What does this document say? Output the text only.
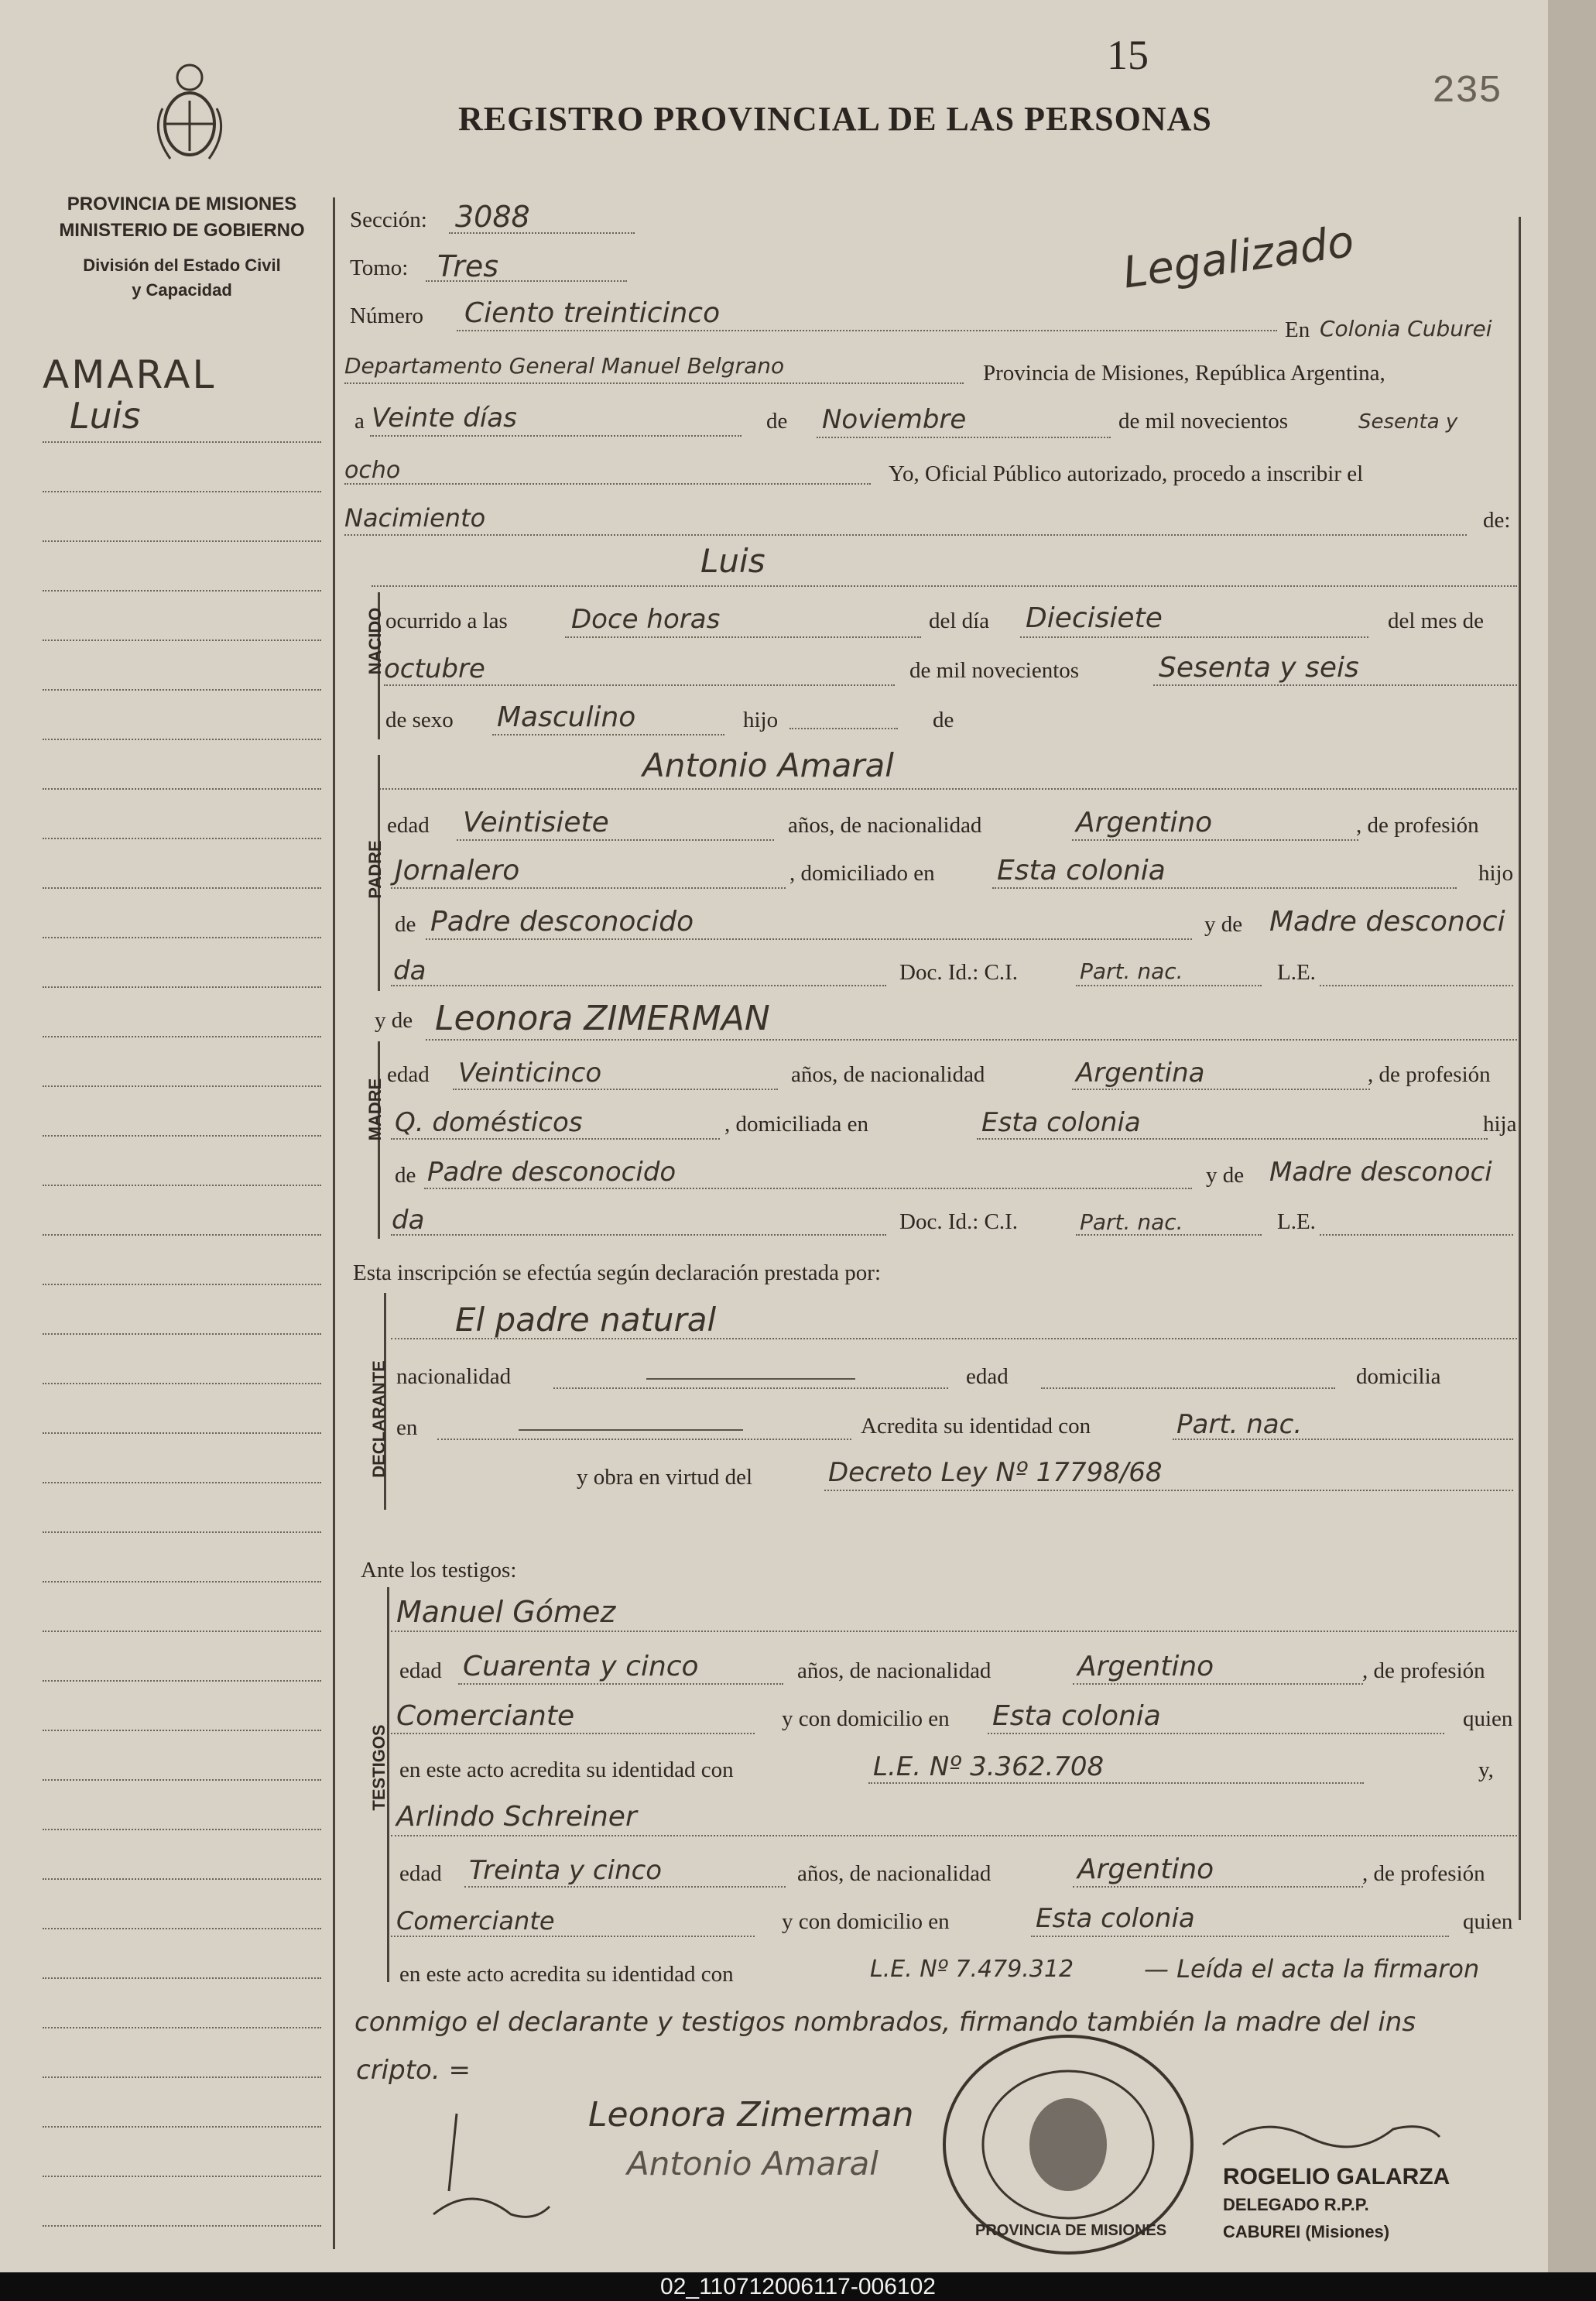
PROVINCIA DE MISIONES
MINISTERIO DE GOBIERNO
División del Estado Civil
y Capacidad
15
235
REGISTRO PROVINCIAL DE LAS PERSONAS
Legalizado
AMARAL
Luis
Sección: 3088
Tomo: Tres
Número Ciento treinticinco
En Colonia Cuburei
Departamento General Manuel Belgrano	Provincia de Misiones, República Argentina,
a Veinte días	de Noviembre	de mil novecientos	Sesenta y
ocho	Yo, Oficial Público autorizado, procedo a inscribir el
Nacimiento	de:
Luis
NACIDO ocurrido a las Doce horas	del día Diecisiete	del mes de
octubre	de mil novecientos	Sesenta y seis
de sexo Masculino	hijo	de
Antonio Amaral
PADRE
edad Veintisiete	años, de nacionalidad	Argentino	, de profesión
Jornalero	, domiciliado en Esta colonia	hijo
de Padre desconocido	y de Madre desconoci
da	Doc. Id.: C.I.	Part. nac.	L.E.
y de Leonora ZIMERMAN
MADRE
edad Veinticinco	años, de nacionalidad	Argentina	, de profesión
Q. domésticos	, domiciliada en	Esta colonia	hija
de Padre desconocido	y de Madre desconoci
da	Doc. Id.: C.I.	Part. nac.	L.E.
Esta inscripción se efectúa según declaración prestada por:
DECLARANTE
El padre natural
nacionalidad	edad	domicilia
en	Acredita su identidad con	Part. nac.
y obra en virtud del	Decreto Ley Nº 17798/68
Ante los testigos:
TESTIGOS
Manuel Gómez
edad Cuarenta y cinco	años, de nacionalidad	Argentino	, de profesión
Comerciante	y con domicilio en Esta colonia	quien
en este acto acredita su identidad con	L.E. Nº 3.362.708	y,
Arlindo Schreiner
edad Treinta y cinco	años, de nacionalidad	Argentino	, de profesión
Comerciante	y con domicilio en	Esta colonia	quien
en este acto acredita su identidad con	L.E. Nº 7.479.312	— Leída el acta la firmaron
conmigo el declarante y testigos nombrados, firmando también la madre del ins
cripto. =
Leonora Zimerman
Antonio Amaral
PROVINCIA DE MISIONES
ROGELIO GALARZA
DELEGADO R.P.P.
CABUREI (Misiones)
02_110712006117-006102
